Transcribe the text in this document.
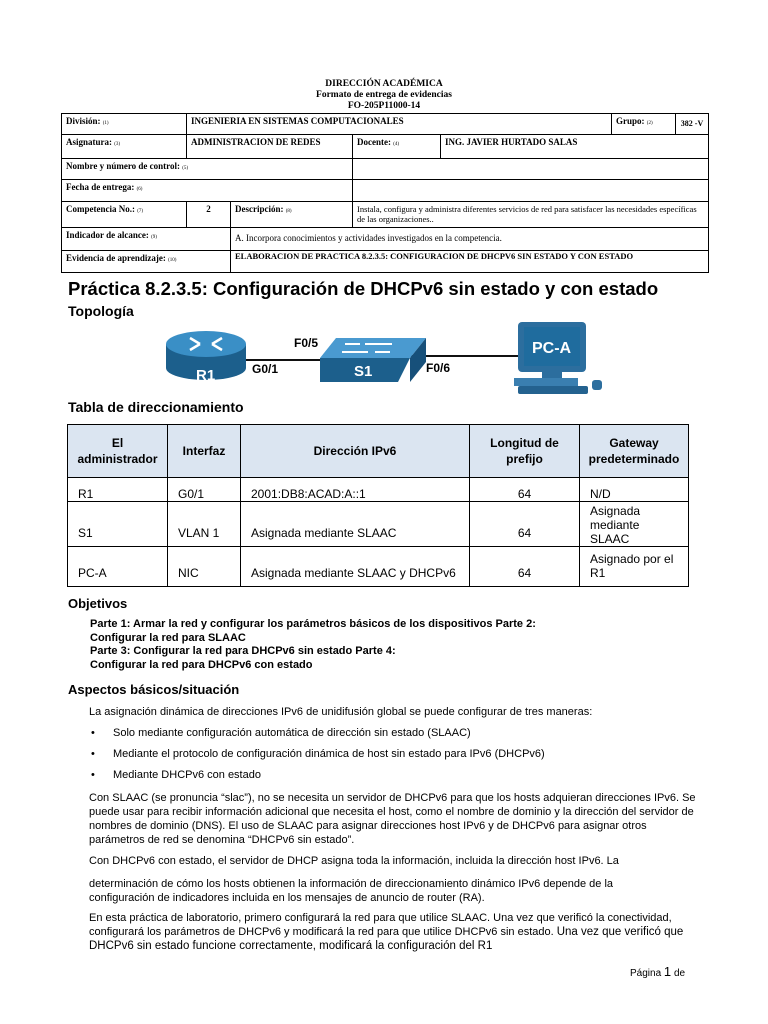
DIRECCIÓN ACADÉMICA
Formato de entrega de evidencias
FO-205P11000-14
División: (1)	INGENIERIA EN SISTEMAS COMPUTACIONALES				Grupo: (2)	382 -V
Asignatura: (3)	ADMINISTRACION DE REDES		Docente: (4)	ING. JAVIER HURTADO SALAS		
Nombre y número de control: (5)						
Fecha de entrega: (6)						
Competencia No.: (7)	2	Descripción: (8)	Instala, configura y administra diferentes servicios de red para satisfacer las necesidades específicas de las organizaciones..			
Indicador de alcance: (9)		A. Incorpora conocimientos y actividades investigados en la competencia.				
Evidencia de aprendizaje: (10)		ELABORACION DE PRACTICA 8.2.3.5: CONFIGURACION DE DHCPV6 SIN ESTADO Y CON ESTADO				
Práctica 8.2.3.5: Configuración de DHCPv6 sin estado y con estado
Topología
R1	S1
PC-A
G0/1
F0/5
F0/6
Tabla de direccionamiento
El administrador	Interfaz	Dirección IPv6	Longitud de prefijo	Gateway predeterminado
R1	G0/1	2001:DB8:ACAD:A::1	64	N/D
S1	VLAN 1	Asignada mediante SLAAC	64	Asignada mediante SLAAC
PC-A	NIC	Asignada mediante SLAAC y DHCPv6	64	Asignado por el R1
Objetivos
Parte 1: Armar la red y configurar los parámetros básicos de los dispositivos Parte 2:
Configurar la red para SLAAC
Parte 3: Configurar la red para DHCPv6 sin estado Parte 4:
Configurar la red para DHCPv6 con estado
Aspectos básicos/situación
La asignación dinámica de direcciones IPv6 de unidifusión global se puede configurar de tres maneras:
• Solo mediante configuración automática de dirección sin estado (SLAAC)
• Mediante el protocolo de configuración dinámica de host sin estado para IPv6 (DHCPv6)
• Mediante DHCPv6 con estado
Con SLAAC (se pronuncia “slac”), no se necesita un servidor de DHCPv6 para que los hosts adquieran direcciones IPv6. Se puede usar para recibir información adicional que necesita el host, como el nombre de dominio y la dirección del servidor de nombres de dominio (DNS). El uso de SLAAC para asignar direcciones host IPv6 y de DHCPv6 para asignar otros parámetros de red se denomina “DHCPv6 sin estado”.
Con DHCPv6 con estado, el servidor de DHCP asigna toda la información, incluida la dirección host IPv6. La
determinación de cómo los hosts obtienen la información de direccionamiento dinámico IPv6 depende de la configuración de indicadores incluida en los mensajes de anuncio de router (RA).
En esta práctica de laboratorio, primero configurará la red para que utilice SLAAC. Una vez que verificó la conectividad, configurará los parámetros de DHCPv6 y modificará la red para que utilice DHCPv6 sin estado. Una vez que verificó que DHCPv6 sin estado funcione correctamente, modificará la configuración del R1
Página 1 de
